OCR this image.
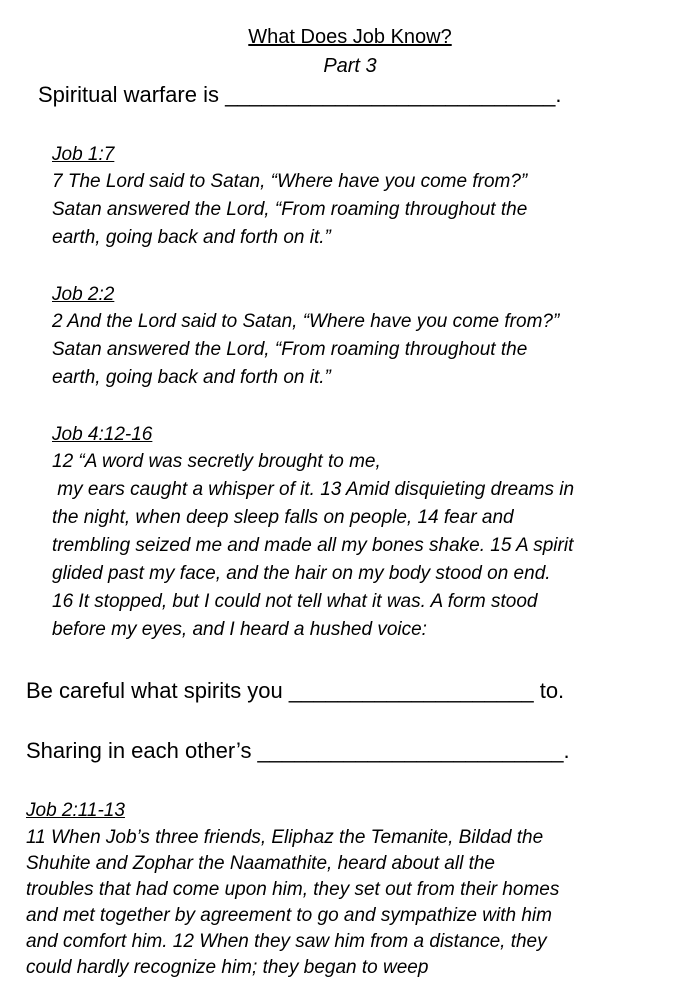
What Does Job Know?
Part 3
Spiritual warfare is ___________________________.
Job 1:7
7 The Lord said to Satan, “Where have you come from?”
Satan answered the Lord, “From roaming throughout the
earth, going back and forth on it.”
Job 2:2
2 And the Lord said to Satan, “Where have you come from?”
Satan answered the Lord, “From roaming throughout the
earth, going back and forth on it.”
Job 4:12-16
12 “A word was secretly brought to me,
my ears caught a whisper of it. 13 Amid disquieting dreams in
the night, when deep sleep falls on people, 14 fear and
trembling seized me and made all my bones shake. 15 A spirit
glided past my face, and the hair on my body stood on end.
16 It stopped, but I could not tell what it was. A form stood
before my eyes, and I heard a hushed voice:
Be careful what spirits you ____________________ to.
Sharing in each other’s _________________________.
Job 2:11-13
11 When Job’s three friends, Eliphaz the Temanite, Bildad the
Shuhite and Zophar the Naamathite, heard about all the
troubles that had come upon him, they set out from their homes
and met together by agreement to go and sympathize with him
and comfort him. 12 When they saw him from a distance, they
could hardly recognize him; they began to weep
